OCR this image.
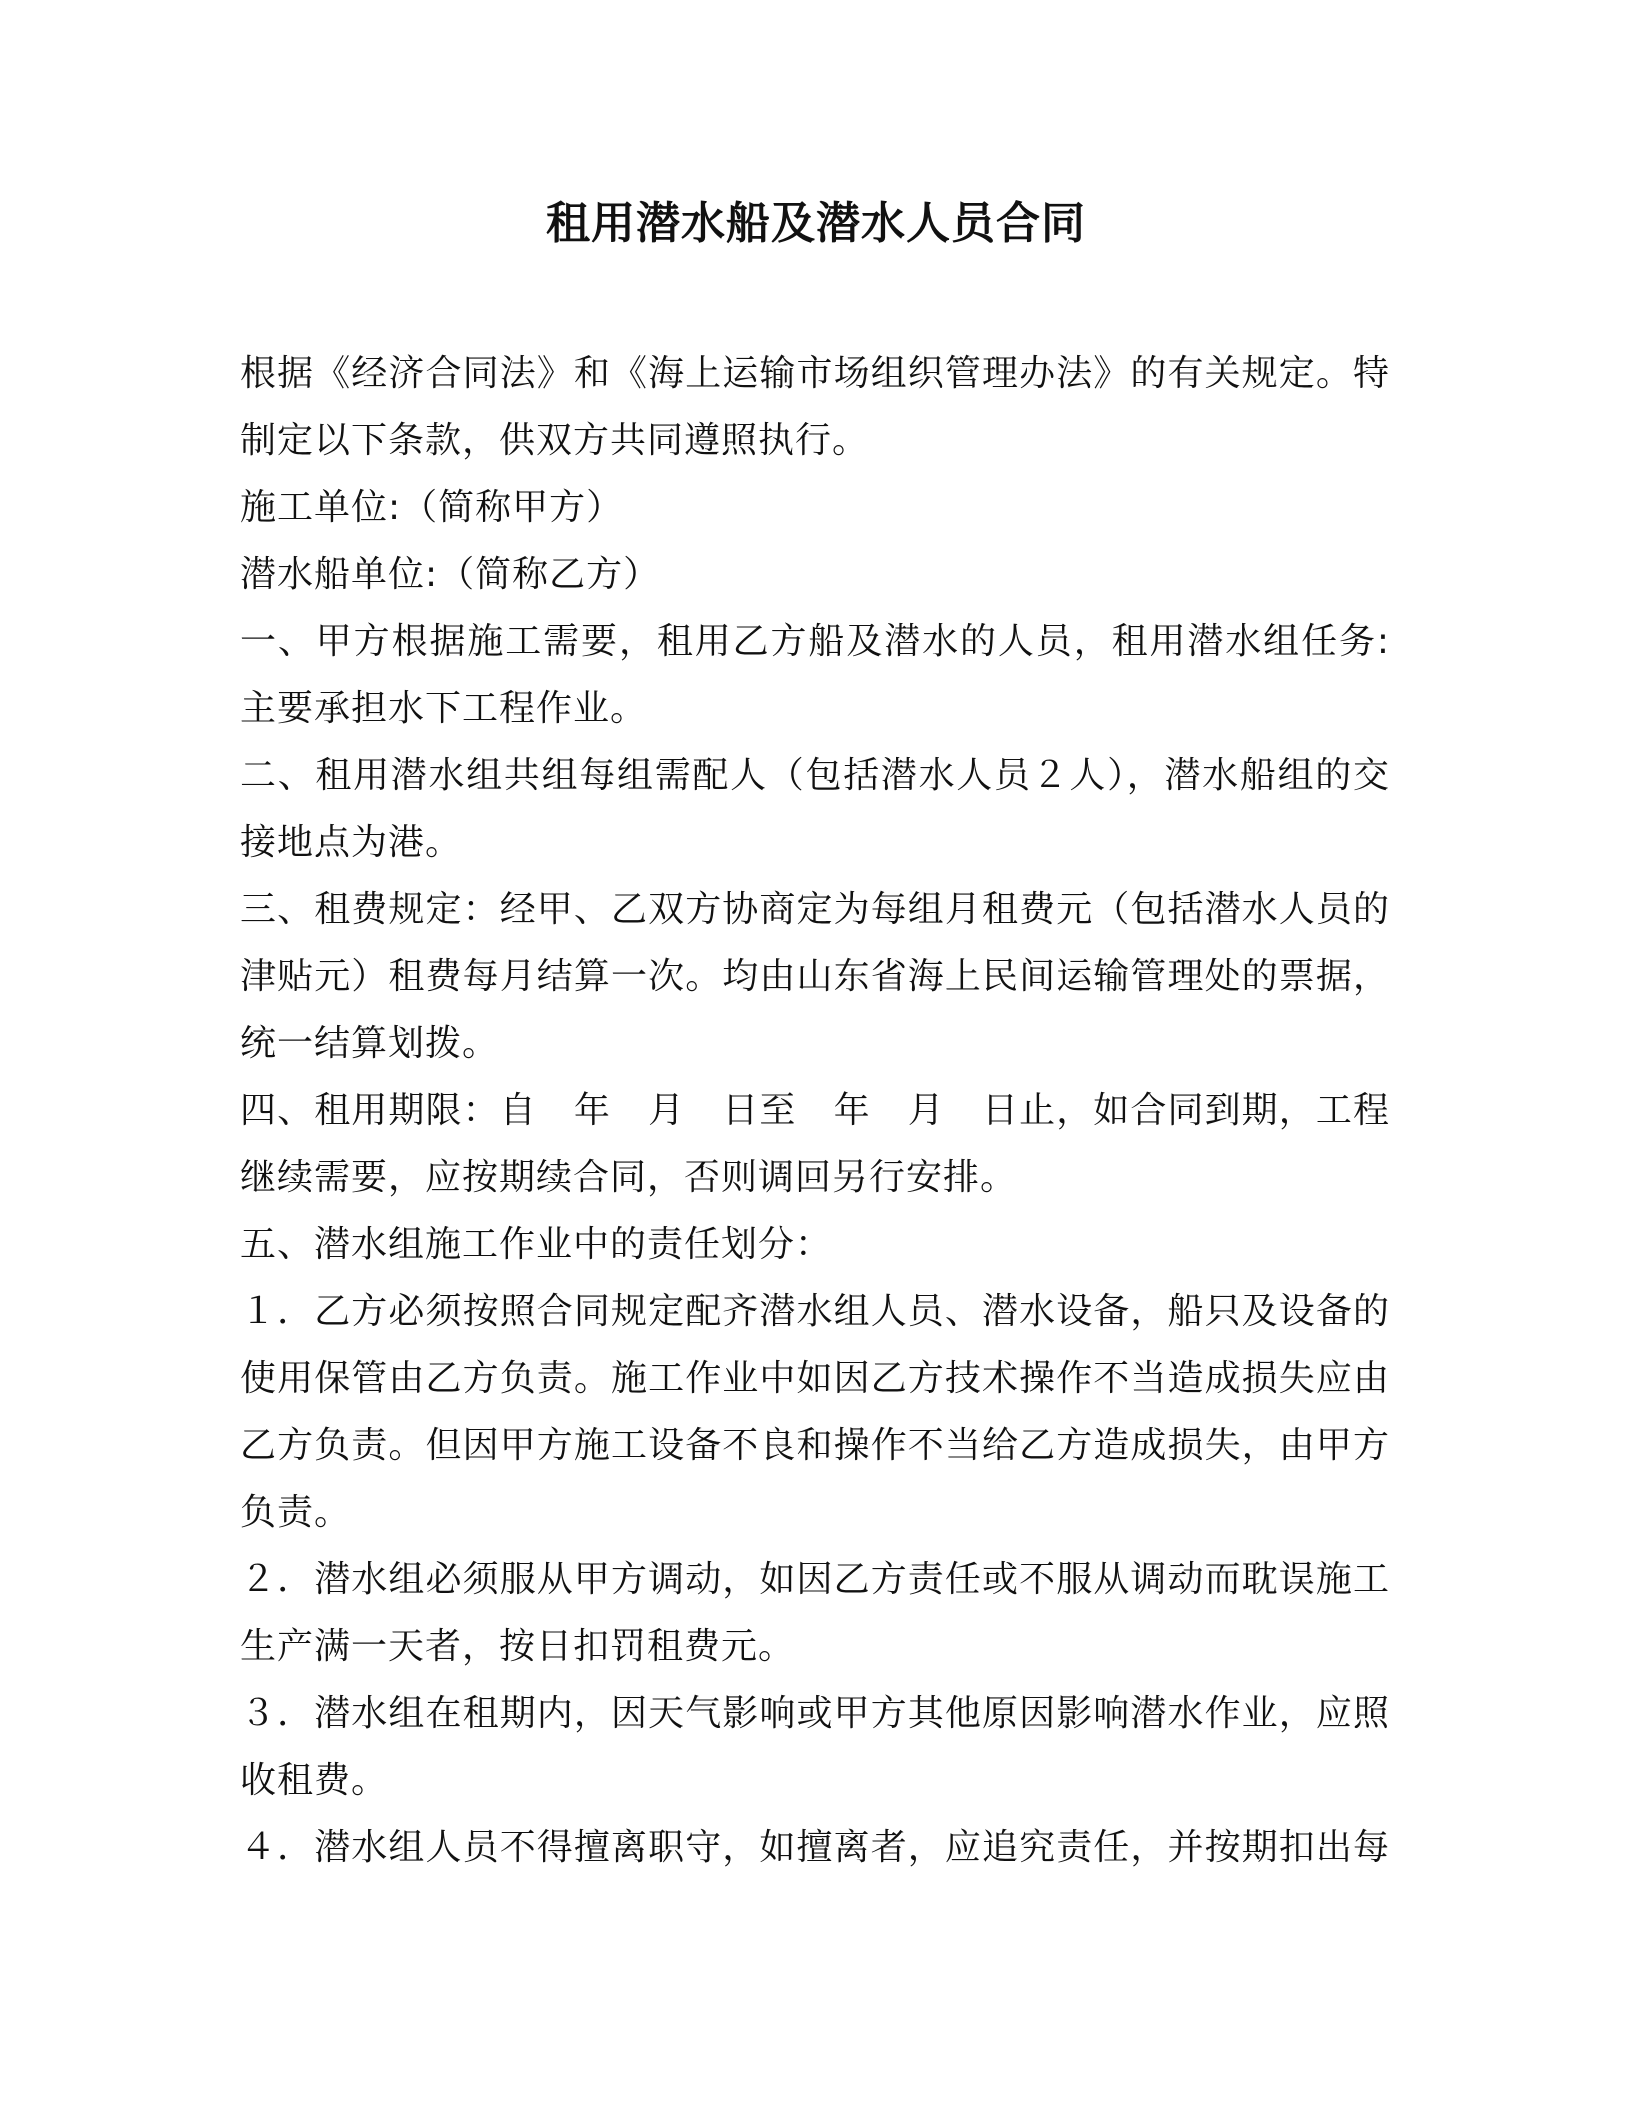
租用潜水船及潜水人员合同
根据《经济合同法》和《海上运输市场组织管理办法》的有关规定。特
制定以下条款，供双方共同遵照执行。
施工单位:（简称甲方）
潜水船单位:（简称乙方）
一、甲方根据施工需要，租用乙方船及潜水的人员，租用潜水组任务:
主要承担水下工程作业。
二、租用潜水组共组每组需配人（包括潜水人员２人），潜水船组的交
接地点为港。
三、租费规定：经甲、乙双方协商定为每组月租费元（包括潜水人员的
津贴元）租费每月结算一次。均由山东省海上民间运输管理处的票据，
统一结算划拨。
四、租用期限：自　年　月　日至　年　月　日止，如合同到期，工程
继续需要，应按期续合同，否则调回另行安排。
五、潜水组施工作业中的责任划分：
１．乙方必须按照合同规定配齐潜水组人员、潜水设备，船只及设备的
使用保管由乙方负责。施工作业中如因乙方技术操作不当造成损失应由
乙方负责。但因甲方施工设备不良和操作不当给乙方造成损失，由甲方
负责。
２．潜水组必须服从甲方调动，如因乙方责任或不服从调动而耽误施工
生产满一天者，按日扣罚租费元。
３．潜水组在租期内，因天气影响或甲方其他原因影响潜水作业，应照
收租费。
４．潜水组人员不得擅离职守，如擅离者，应追究责任，并按期扣出每
